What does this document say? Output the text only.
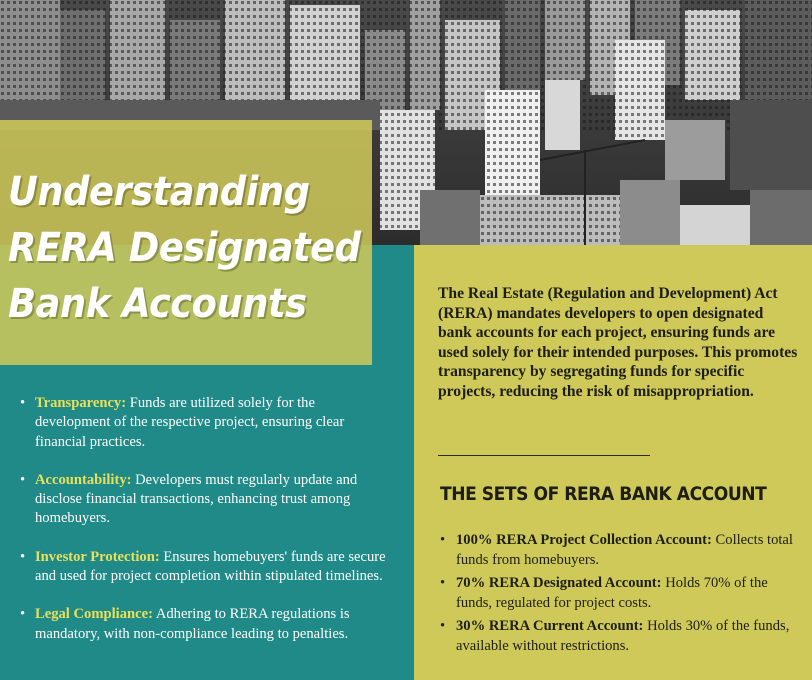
Understanding
RERA Designated
Bank Accounts
• Transparency: Funds are utilized solely for the development of the respective project, ensuring clear financial practices.
• Accountability: Developers must regularly update and disclose financial transactions, enhancing trust among homebuyers.
• Investor Protection: Ensures homebuyers' funds are secure and used for project completion within stipulated timelines.
• Legal Compliance: Adhering to RERA regulations is mandatory, with non-compliance leading to penalties.

The Real Estate (Regulation and Development) Act (RERA) mandates developers to open designated bank accounts for each project, ensuring funds are used solely for their intended purposes. This promotes transparency by segregating funds for specific projects, reducing the risk of misappropriation.

THE SETS OF RERA BANK ACCOUNT
• 100% RERA Project Collection Account: Collects total funds from homebuyers.
• 70% RERA Designated Account: Holds 70% of the funds, regulated for project costs.
• 30% RERA Current Account: Holds 30% of the funds, available without restrictions.
